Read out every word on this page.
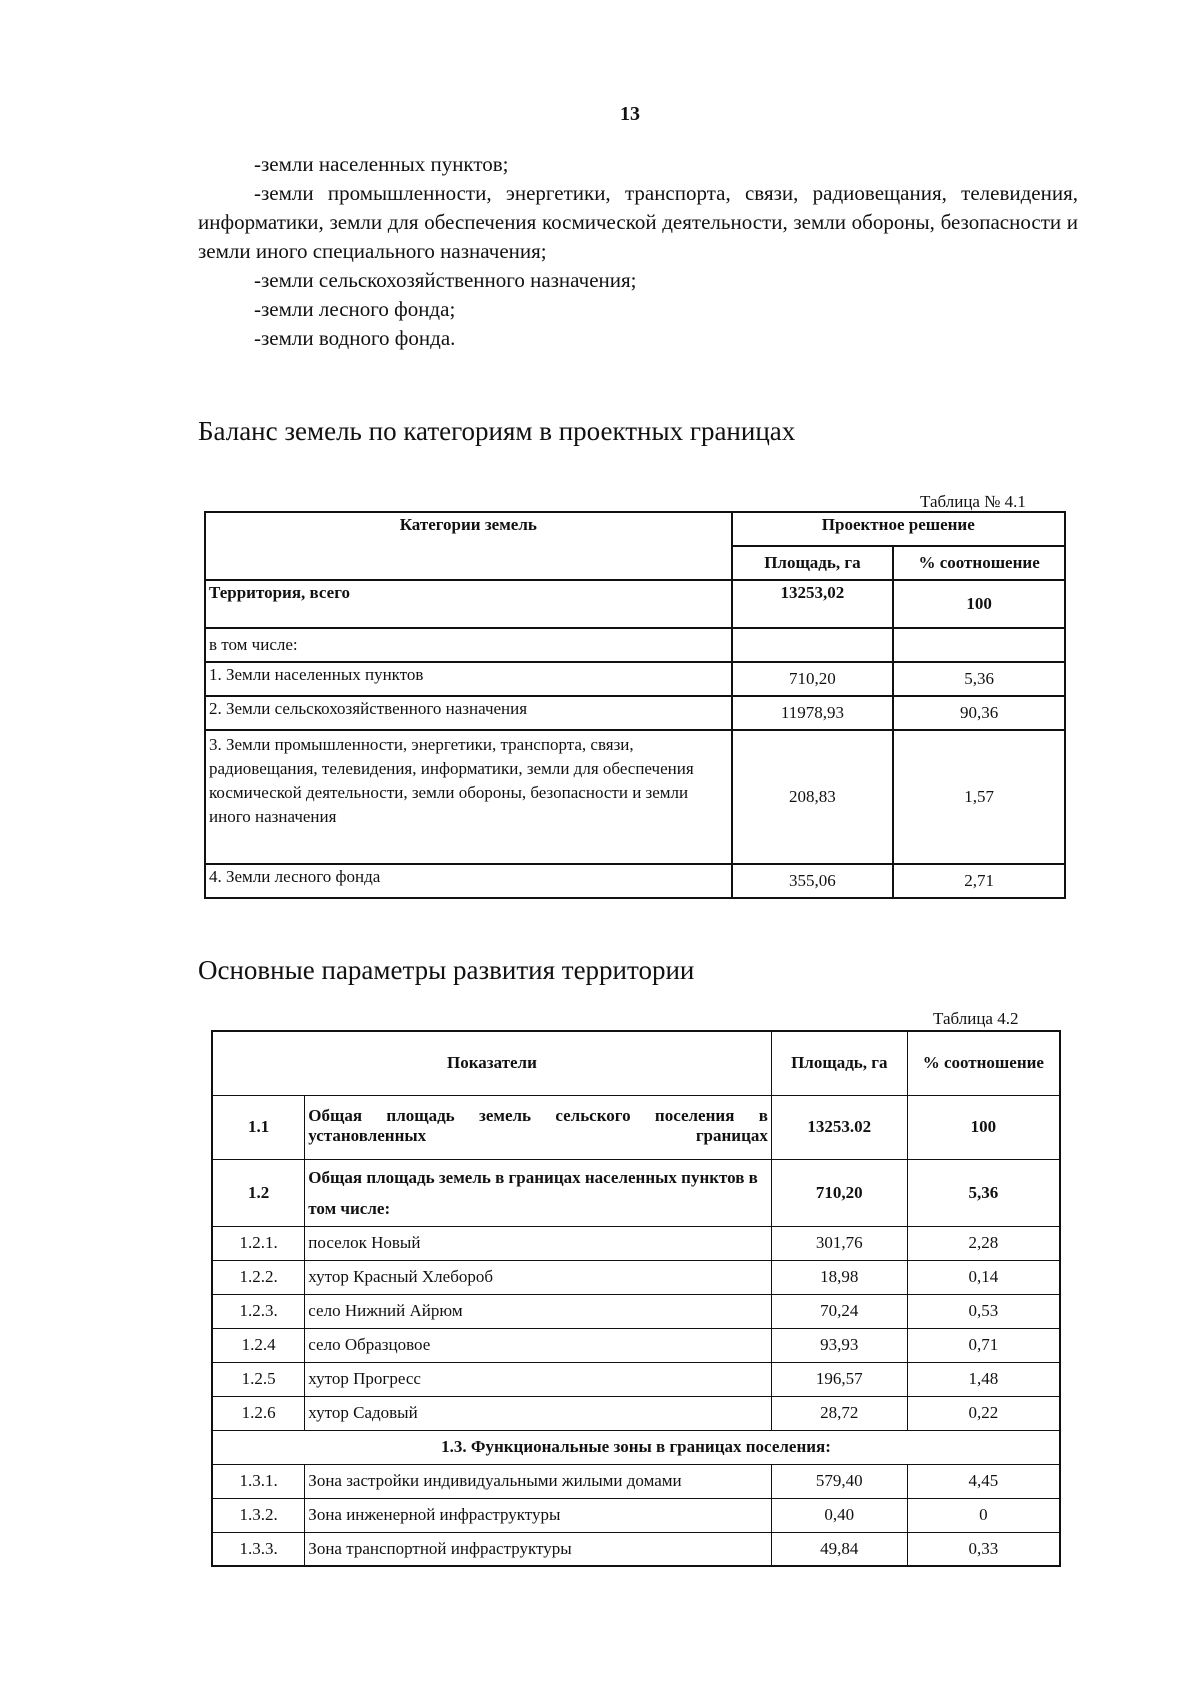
13

-земли населенных пунктов;

-земли промышленности, энергетики, транспорта, связи, радиовещания, телевидения, информатики, земли для обеспечения космической деятельности, земли обороны, безопасности и земли иного специального назначения;

-земли сельскохозяйственного назначения;

-земли лесного фонда;

-земли водного фонда.

Баланс земель по категориям в проектных границах
Таблица № 4.1
Категории земель	Проектное решение	
	Площадь, га	% соотношение
Территория, всего	13253,02	100
в том числе:		
1. Земли населенных пунктов	710,20	5,36
2. Земли сельскохозяйственного назначения	11978,93	90,36
3. Земли промышленности, энергетики, транспорта, связи, радиовещания, телевидения, информатики, земли для обеспечения космической деятельности, земли обороны, безопасности и земли иного назначения	208,83	1,57
4. Земли лесного фонда	355,06	2,71
Основные параметры развития территории
Таблица 4.2
Показатели		Площадь, га	% соотношение
1.1	Общая площадь земель сельского поселения в установленных границах	13253.02	100
1.2	Общая площадь земель в границах населенных пунктов в том числе:	710,20	5,36
1.2.1.	поселок Новый	301,76	2,28
1.2.2.	хутор Красный Хлебороб	18,98	0,14
1.2.3.	село Нижний Айрюм	70,24	0,53
1.2.4	село Образцовое	93,93	0,71
1.2.5	хутор Прогресс	196,57	1,48
1.2.6	хутор Садовый	28,72	0,22
1.3. Функциональные зоны в границах поселения:			
1.3.1.	Зона застройки индивидуальными жилыми домами	579,40	4,45
1.3.2.	Зона инженерной инфраструктуры	0,40	0
1.3.3.	Зона транспортной инфраструктуры	49,84	0,33
